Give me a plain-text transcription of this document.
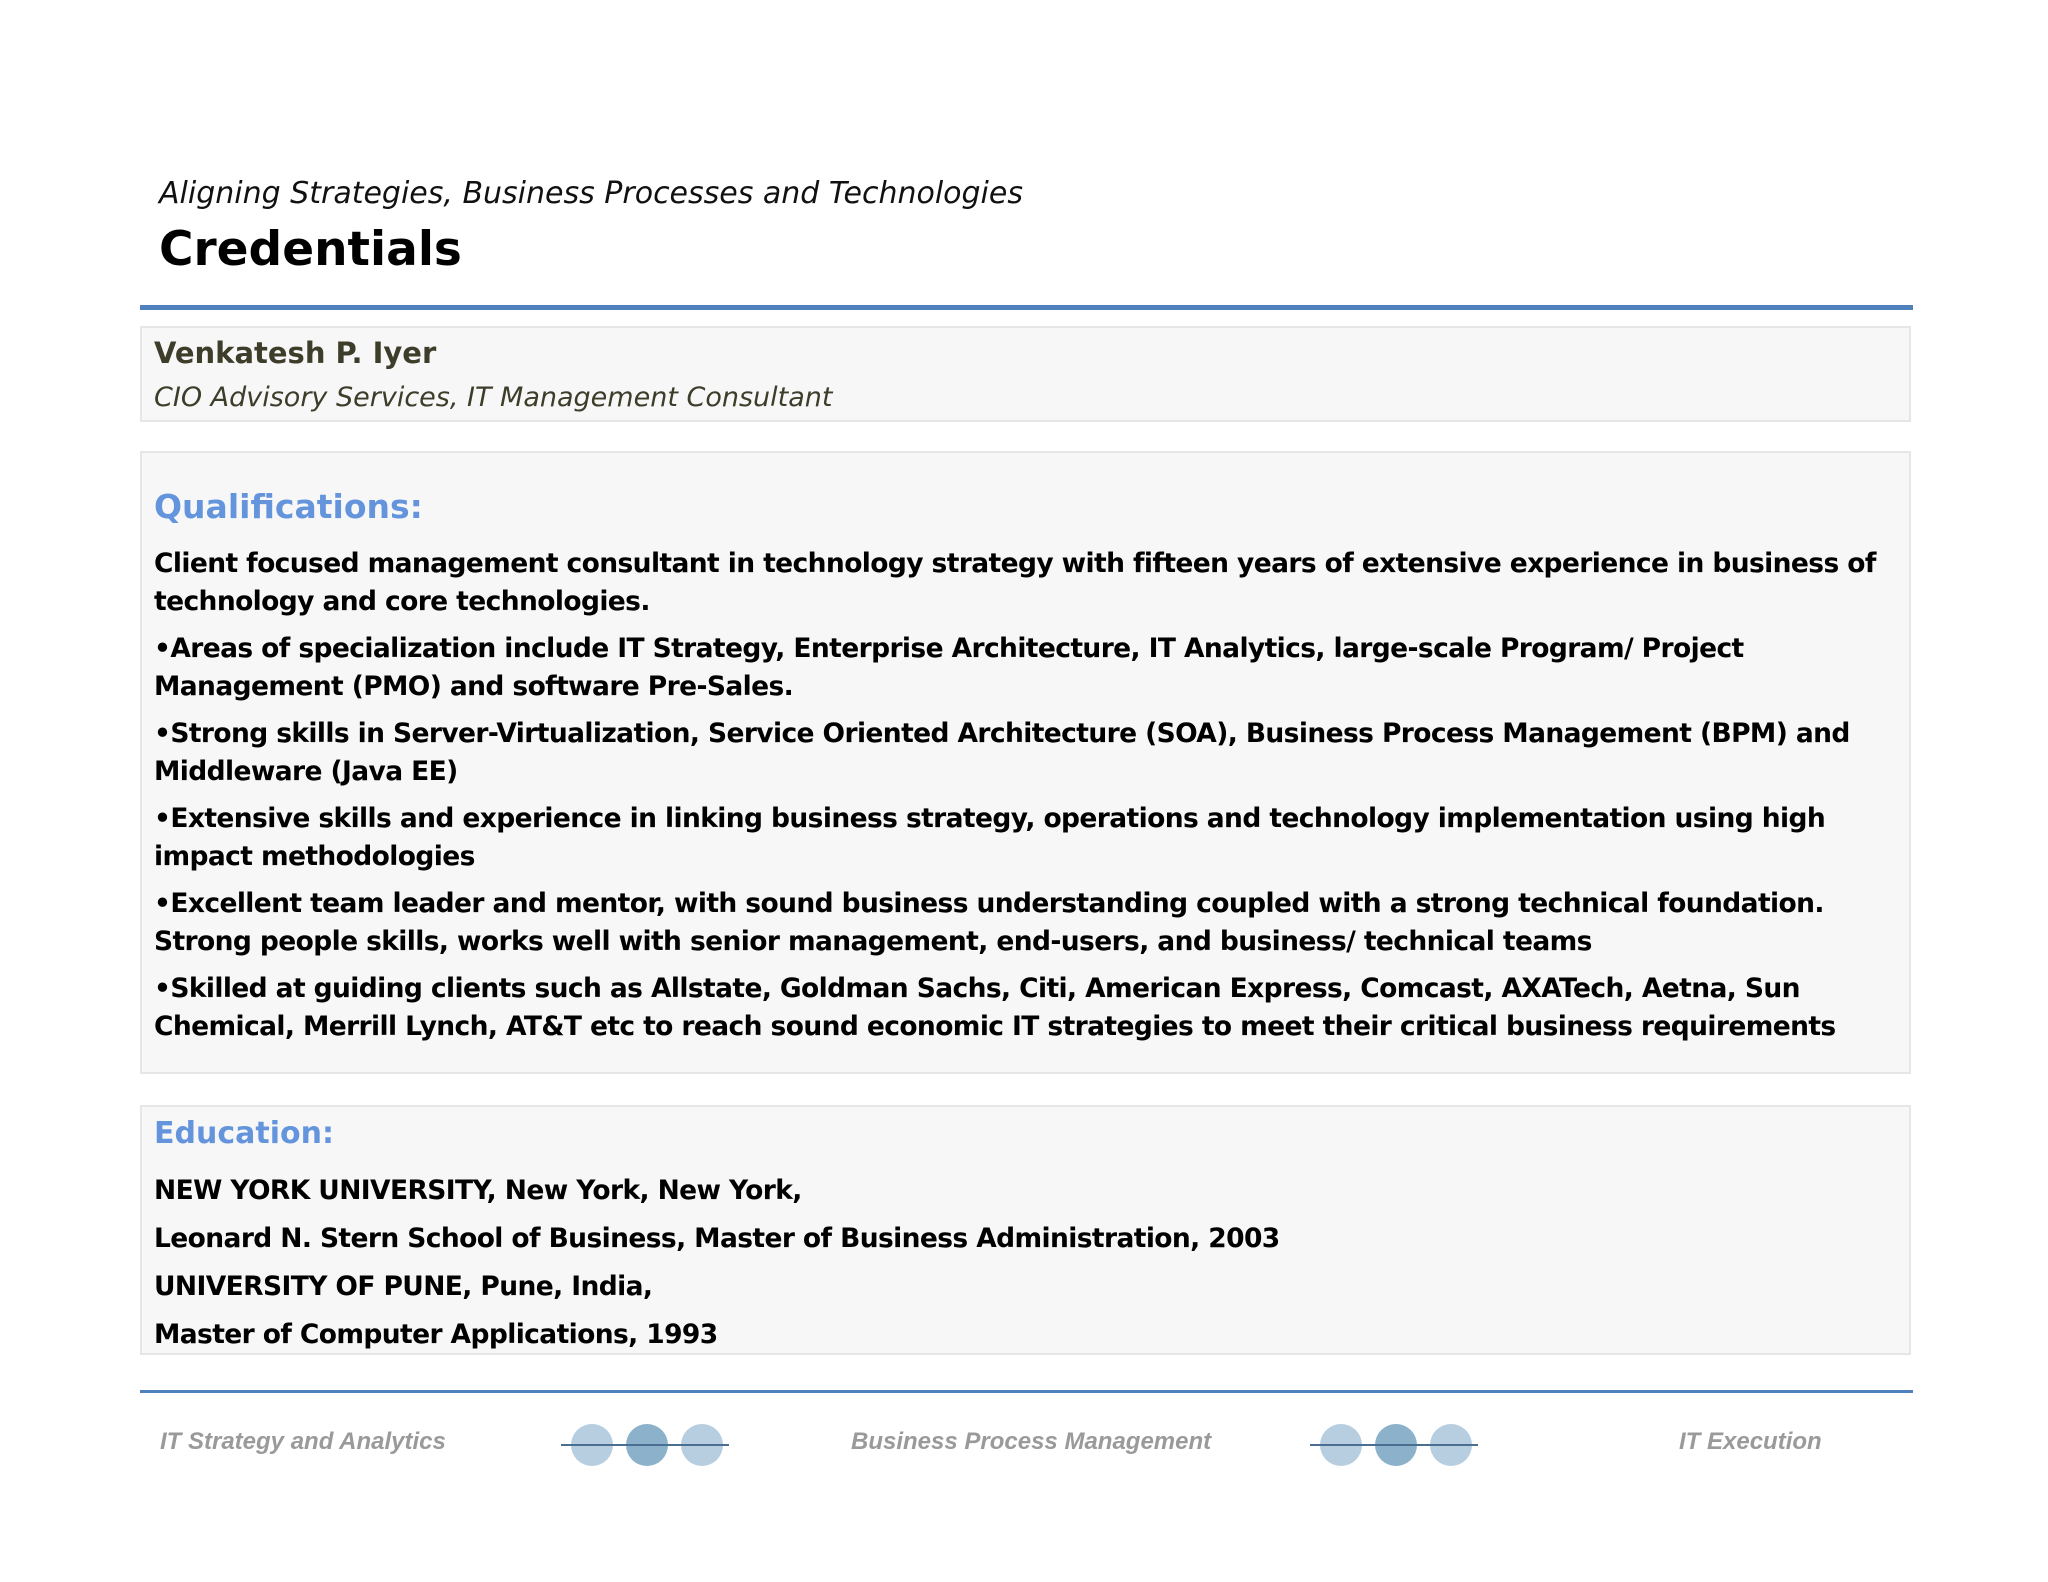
Aligning Strategies, Business Processes and Technologies
Credentials
Venkatesh P. Iyer
CIO Advisory Services, IT Management Consultant
Qualifications:
Client focused management consultant in technology strategy with fifteen years of extensive experience in business of technology and core technologies.
•Areas of specialization include IT Strategy, Enterprise Architecture, IT Analytics, large-scale Program/ Project Management (PMO) and software Pre-Sales.
•Strong skills in Server-Virtualization, Service Oriented Architecture (SOA), Business Process Management (BPM) and Middleware (Java EE)
•Extensive skills and experience in linking business strategy, operations and technology implementation using high impact methodologies
•Excellent team leader and mentor, with sound business understanding coupled with a strong technical foundation. Strong people skills, works well with senior management, end-users, and business/ technical teams
•Skilled at guiding clients such as Allstate, Goldman Sachs, Citi, American Express, Comcast, AXATech, Aetna, Sun Chemical, Merrill Lynch, AT&T etc to reach sound economic IT strategies to meet their critical business requirements
Education:
NEW YORK UNIVERSITY, New York, New York,
Leonard N. Stern School of Business, Master of Business Administration, 2003
UNIVERSITY OF PUNE, Pune, India,
Master of Computer Applications, 1993
IT Strategy and Analytics	Business Process Management	IT Execution
